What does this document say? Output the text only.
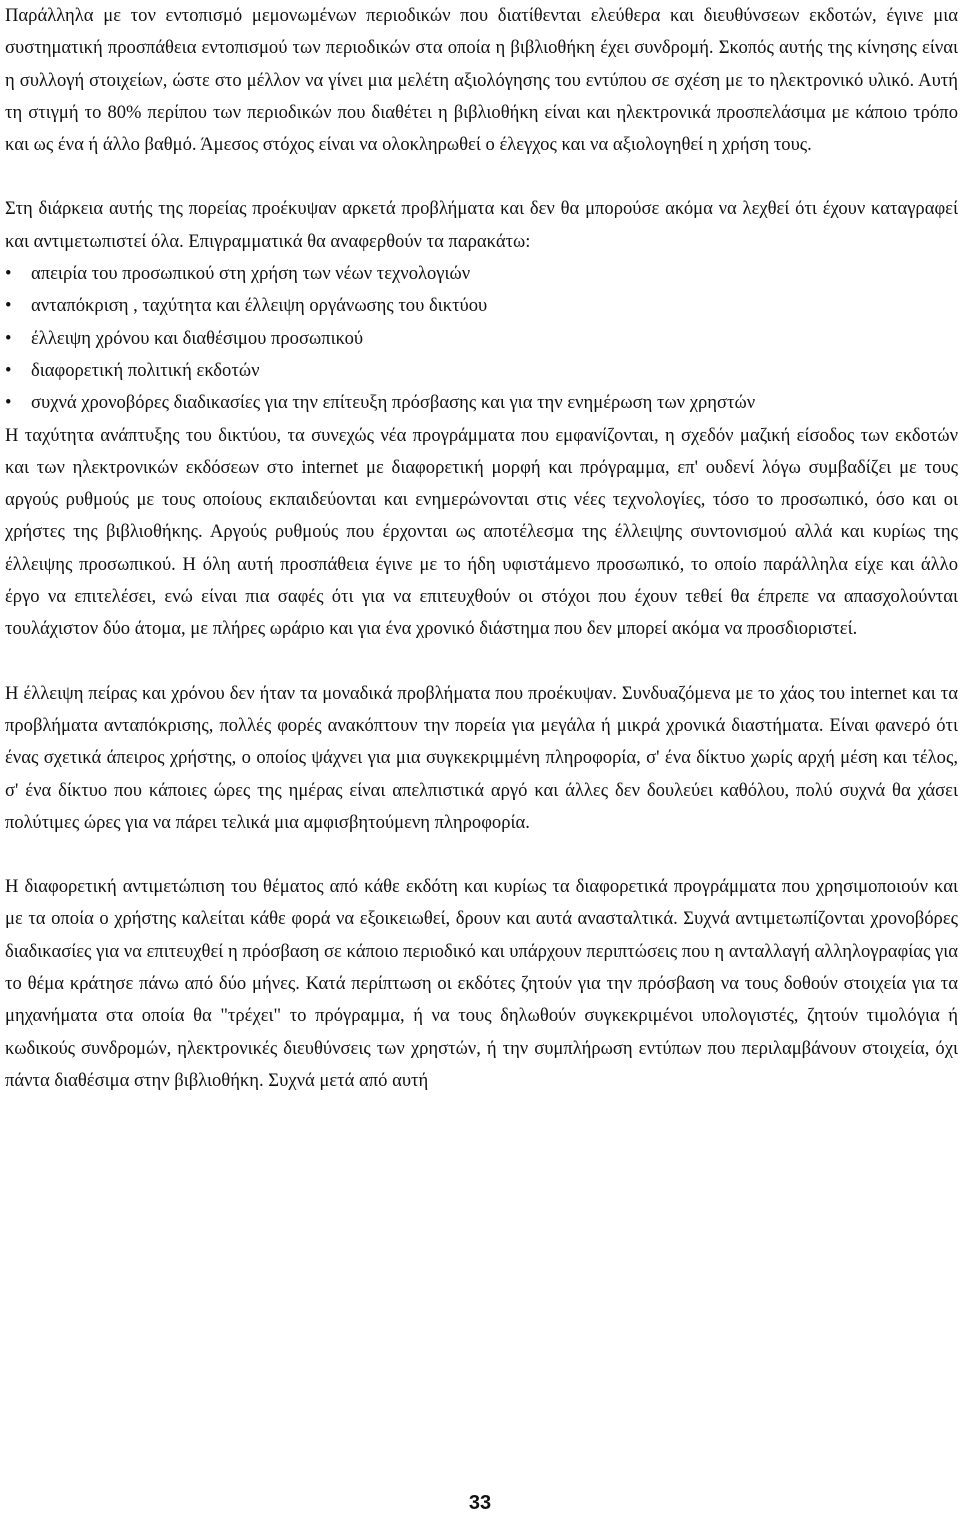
Παράλληλα με τον εντοπισμό μεμονωμένων περιοδικών που διατίθενται ελεύθερα και διευθύνσεων εκδοτών, έγινε μια συστηματική προσπάθεια εντοπισμού των περιοδικών στα οποία η βιβλιοθήκη έχει συνδρομή. Σκοπός αυτής της κίνησης είναι η συλλογή στοιχείων, ώστε στο μέλλον να γίνει μια μελέτη αξιολόγησης του εντύπου σε σχέση με το ηλεκτρονικό υλικό. Αυτή τη στιγμή το 80% περίπου των περιοδικών που διαθέτει η βιβλιοθήκη είναι και ηλεκτρονικά προσπελάσιμα με κάποιο τρόπο και ως ένα ή άλλο βαθμό. Άμεσος στόχος είναι να ολοκληρωθεί ο έλεγχος και να αξιολογηθεί η χρήση τους.

Στη διάρκεια αυτής της πορείας προέκυψαν αρκετά προβλήματα και δεν θα μπορούσε ακόμα να λεχθεί ότι έχουν καταγραφεί και αντιμετωπιστεί όλα. Επιγραμματικά θα αναφερθούν τα παρακάτω:

• απειρία του προσωπικού στη χρήση των νέων τεχνολογιών
• ανταπόκριση , ταχύτητα και έλλειψη οργάνωσης του δικτύου
• έλλειψη χρόνου και διαθέσιμου προσωπικού
• διαφορετική πολιτική εκδοτών
• συχνά χρονοβόρες διαδικασίες για την επίτευξη πρόσβασης και για την ενημέρωση των χρηστών

Η ταχύτητα ανάπτυξης του δικτύου, τα συνεχώς νέα προγράμματα που εμφανίζονται, η σχεδόν μαζική είσοδος των εκδοτών και των ηλεκτρονικών εκδόσεων στο internet με διαφορετική μορφή και πρόγραμμα, επ' ουδενί λόγω συμβαδίζει με τους αργούς ρυθμούς με τους οποίους εκπαιδεύονται και ενημερώνονται στις νέες τεχνολογίες, τόσο το προσωπικό, όσο και οι χρήστες της βιβλιοθήκης. Αργούς ρυθμούς που έρχονται ως αποτέλεσμα της έλλειψης συντονισμού αλλά και κυρίως της έλλειψης προσωπικού. Η όλη αυτή προσπάθεια έγινε με το ήδη υφιστάμενο προσωπικό, το οποίο παράλληλα είχε και άλλο έργο να επιτελέσει, ενώ είναι πια σαφές ότι για να επιτευχθούν οι στόχοι που έχουν τεθεί θα έπρεπε να απασχολούνται τουλάχιστον δύο άτομα, με πλήρες ωράριο και για ένα χρονικό διάστημα που δεν μπορεί ακόμα να προσδιοριστεί.

Η έλλειψη πείρας και χρόνου δεν ήταν τα μοναδικά προβλήματα που προέκυψαν. Συνδυαζόμενα με το χάος του internet και τα προβλήματα ανταπόκρισης, πολλές φορές ανακόπτουν την πορεία για μεγάλα ή μικρά χρονικά διαστήματα. Είναι φανερό ότι ένας σχετικά άπειρος χρήστης, ο οποίος ψάχνει για μια συγκεκριμμένη πληροφορία, σ' ένα δίκτυο χωρίς αρχή μέση και τέλος, σ' ένα δίκτυο που κάποιες ώρες της ημέρας είναι απελπιστικά αργό και άλλες δεν δουλεύει καθόλου, πολύ συχνά θα χάσει πολύτιμες ώρες για να πάρει τελικά μια αμφισβητούμενη πληροφορία.

Η διαφορετική αντιμετώπιση του θέματος από κάθε εκδότη και κυρίως τα διαφορετικά προγράμματα που χρησιμοποιούν και με τα οποία ο χρήστης καλείται κάθε φορά να εξοικειωθεί, δρουν και αυτά ανασταλτικά. Συχνά αντιμετωπίζονται χρονοβόρες διαδικασίες για να επιτευχθεί η πρόσβαση σε κάποιο περιοδικό και υπάρχουν περιπτώσεις που η ανταλλαγή αλληλογραφίας για το θέμα κράτησε πάνω από δύο μήνες. Κατά περίπτωση οι εκδότες ζητούν για την πρόσβαση να τους δοθούν στοιχεία για τα μηχανήματα στα οποία θα "τρέχει" το πρόγραμμα, ή να τους δηλωθούν συγκεκριμένοι υπολογιστές, ζητούν τιμολόγια ή κωδικούς συνδρομών, ηλεκτρονικές διευθύνσεις των χρηστών, ή την συμπλήρωση εντύπων που περιλαμβάνουν στοιχεία, όχι πάντα διαθέσιμα στην βιβλιοθήκη. Συχνά μετά από αυτή

33
